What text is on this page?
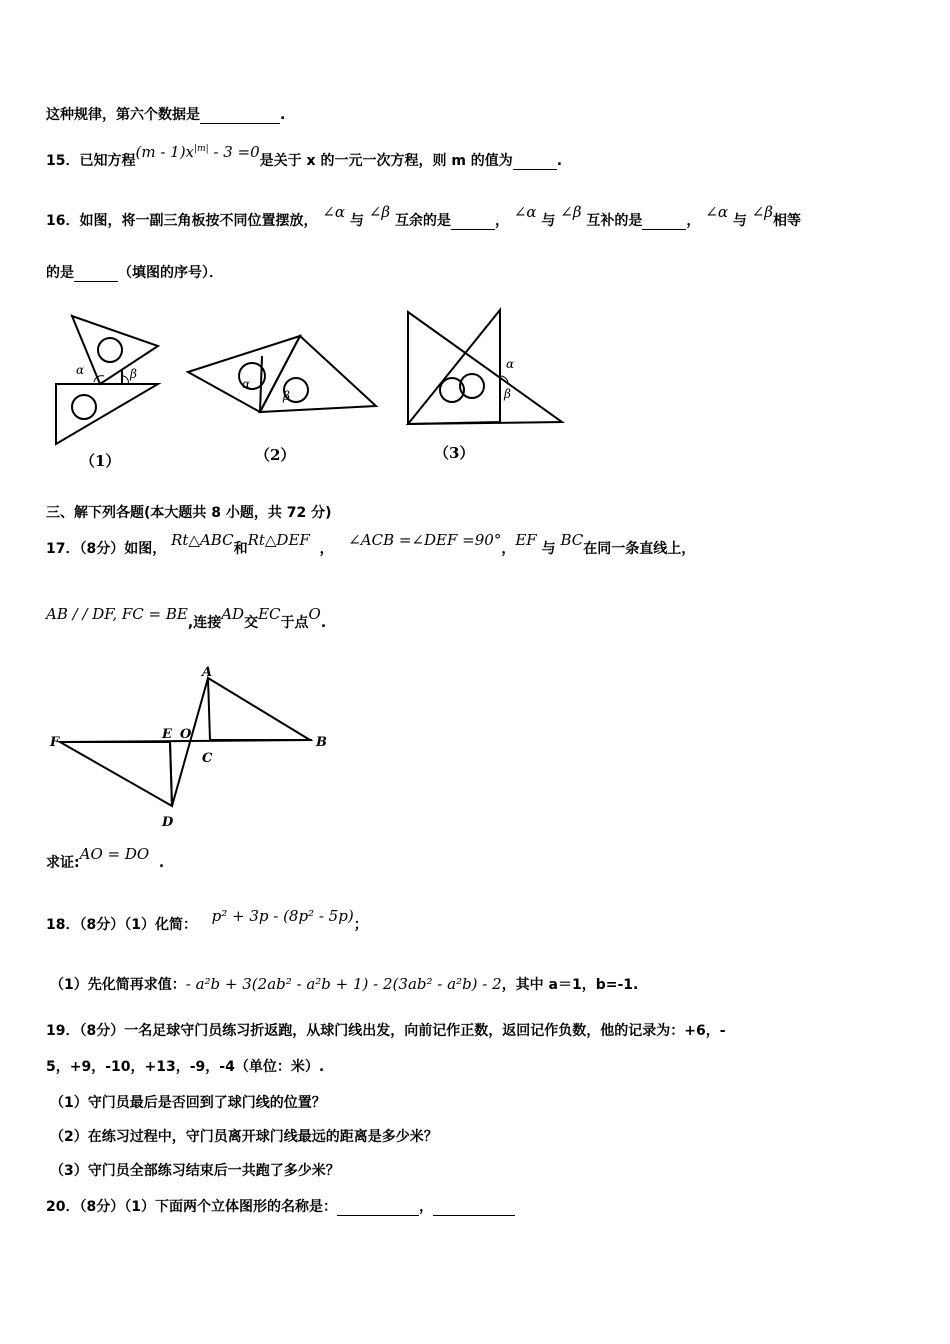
这种规律，第六个数据是	.
15．已知方程$(m - 1)x^{|m|} - 3 =0$是关于 x 的一元一次方程，则 m 的值为	.
16．如图，将一副三角板按不同位置摆放， ∠α 与 ∠β 互余的是	， ∠α 与 ∠β 互补的是	， ∠α 与 ∠β相等
的是	（填图的序号）．
α	β
（1）
α
β
（2）
α
β
（3）
三、解下列各题(本大题共 8 小题，共 72 分)
17．（8分）如图， Rt△ABC和Rt△DEF  ，   ∠ACB =∠DEF =90°，EF 与 BC在同一条直线上，
AB / / DF, FC = BE,连接AD交EC于点O.
A
B
C
D
E
F
O
求证:AO = DO .
18．（8分）（1）化简： p² + 3p - (8p² - 5p)；
（1）先化简再求值：- a²b + 3(2ab² - a²b + 1) - 2(3ab² - a²b) - 2，其中 a＝1，b=-1.
19．（8分）一名足球守门员练习折返跑，从球门线出发，向前记作正数，返回记作负数，他的记录为：+6，-
5，+9，-10，+13，-9，-4（单位：米）.
（1）守门员最后是否回到了球门线的位置？
（2）在练习过程中，守门员离开球门线最远的距离是多少米？
（3）守门员全部练习结束后一共跑了多少米？
20．（8分）（1）下面两个立体图形的名称是：	，
